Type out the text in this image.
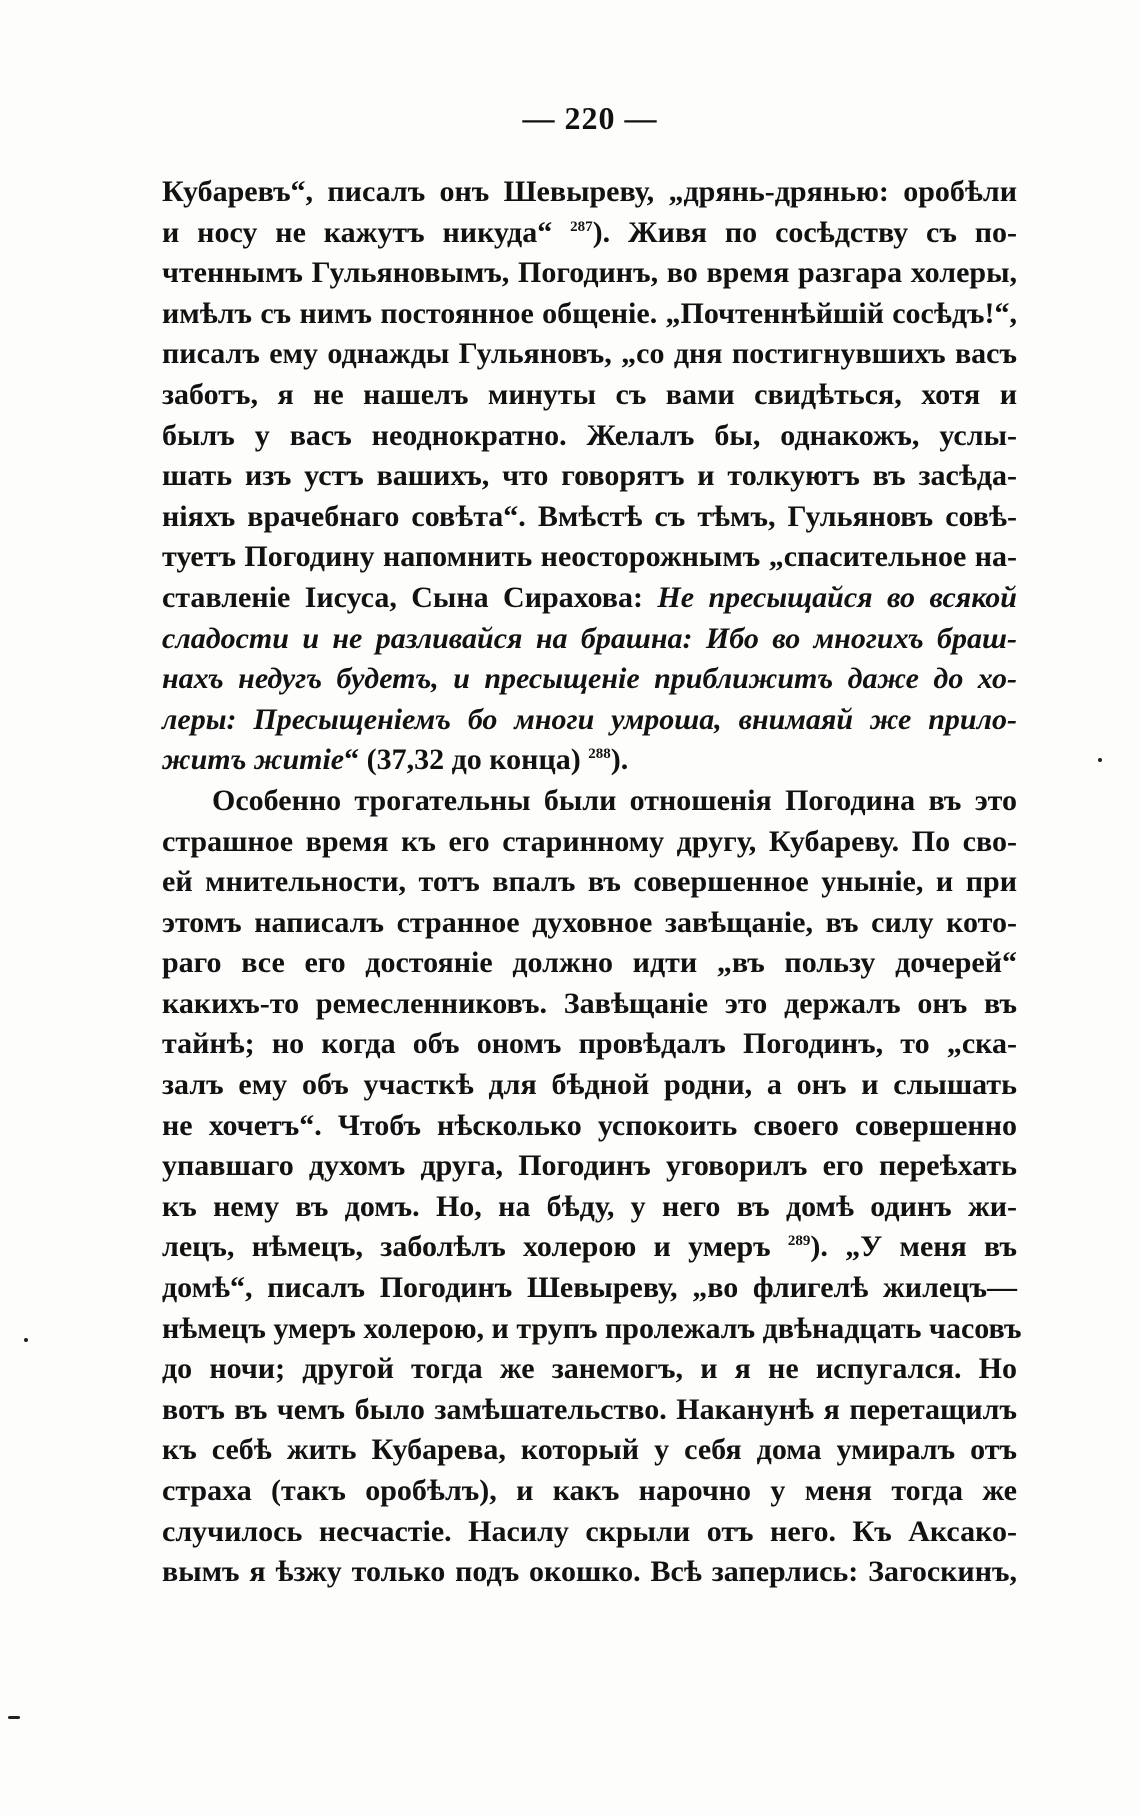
— 220 —
Кубаревъ“, писалъ онъ Шевыреву, „дрянь-дрянью: оробѣли
и носу не кажутъ никуда“ $^{287}$). Живя по сосѣдству съ по-
чтеннымъ Гульяновымъ, Погодинъ, во время разгара холеры,
имѣлъ съ нимъ постоянное общеніе. „Почтеннѣйшій сосѣдъ!“,
писалъ ему однажды Гульяновъ, „со дня постигнувшихъ васъ
заботъ, я не нашелъ минуты съ вами свидѣться, хотя и
былъ у васъ неоднократно. Желалъ бы, однакожъ, услы-
шать изъ устъ вашихъ, что говорятъ и толкуютъ въ засѣда-
ніяхъ врачебнаго совѣта“. Вмѣстѣ съ тѣмъ, Гульяновъ совѣ-
туетъ Погодину напомнить неосторожнымъ „спасительное на-
ставленіе Іисуса, Сына Сирахова: Не пресыщайся во всякой
сладости и не разливайся на брашна: Ибо во многихъ браш-
нахъ недугъ будетъ, и пресыщеніе приближитъ даже до хо-
леры: Пресыщеніемъ бо многи умроша, внимаяй же прило-
житъ житіе“ (37,32 до конца) $^{288}$).
Особенно трогательны были отношенія Погодина въ это
страшное время къ его старинному другу, Кубареву. По сво-
ей мнительности, тотъ впалъ въ совершенное уныніе, и при
этомъ написалъ странное духовное завѣщаніе, въ силу кото-
раго все его достояніе должно идти „въ пользу дочерей“
какихъ-то ремесленниковъ. Завѣщаніе это держалъ онъ въ
тайнѣ; но когда объ ономъ провѣдалъ Погодинъ, то „ска-
залъ ему объ участкѣ для бѣдной родни, а онъ и слышать
не хочетъ“. Чтобъ нѣсколько успокоить своего совершенно
упавшаго духомъ друга, Погодинъ уговорилъ его переѣхать
къ нему въ домъ. Но, на бѣду, у него въ домѣ одинъ жи-
лецъ, нѣмецъ, заболѣлъ холерою и умеръ $^{289}$). „У меня въ
домѣ“, писалъ Погодинъ Шевыреву, „во флигелѣ жилецъ—
нѣмецъ умеръ холерою, и трупъ пролежалъ двѣнадцать часовъ
до ночи; другой тогда же занемогъ, и я не испугался. Но
вотъ въ чемъ было замѣшательство. Наканунѣ я перетащилъ
къ себѣ жить Кубарева, который у себя дома умиралъ отъ
страха (такъ оробѣлъ), и какъ нарочно у меня тогда же
случилось несчастіе. Насилу скрыли отъ него. Къ Аксако-
вымъ я ѣзжу только подъ окошко. Всѣ заперлись: Загоскинъ,
